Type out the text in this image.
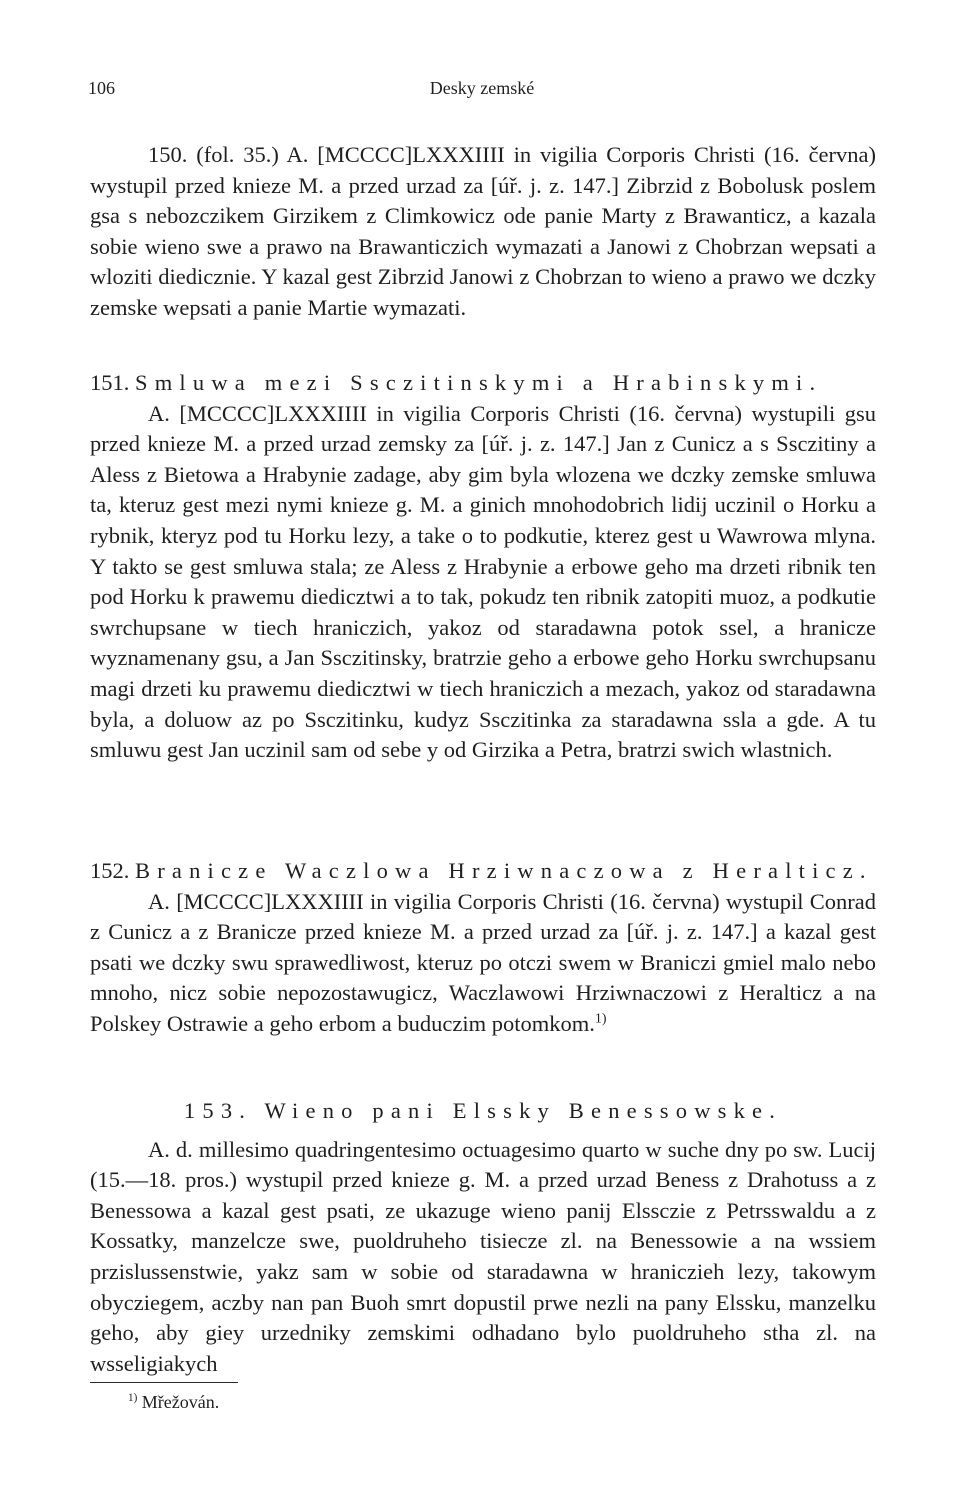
106	Desky zemské

150. (fol. 35.) A. [MCCCC]LXXXIIII in vigilia Corporis Christi (16. června) wystupil przed knieze M. a przed urzad za [úř. j. z. 147.] Zibrzid z Bobolusk poslem gsa s nebozczikem Girzikem z Climkowicz ode panie Marty z Brawanticz, a kazala sobie wieno swe a prawo na Brawanticzich wymazati a Janowi z Chobrzan wepsati a wloziti diedicznie. Y kazal gest Zibrzid Janowi z Chobrzan to wieno a prawo we dczky zemske wepsati a panie Martie wymazati.

151. Smluwa mezi Ssczitinskymi a Hrabinskymi.

A. [MCCCC]LXXXIIII in vigilia Corporis Christi (16. června) wystupili gsu przed knieze M. a przed urzad zemsky za [úř. j. z. 147.] Jan z Cunicz a s Ssczitiny a Aless z Bietowa a Hrabynie zadage, aby gim byla wlozena we dczky zemske smluwa ta, kteruz gest mezi nymi knieze g. M. a ginich mnohodobrich lidij uczinil o Horku a rybnik, kteryz pod tu Horku lezy, a take o to podkutie, kterez gest u Wawrowa mlyna. Y takto se gest smluwa stala; ze Aless z Hrabynie a erbowe geho ma drzeti ribnik ten pod Horku k prawemu diedicztwi a to tak, pokudz ten ribnik zatopiti muoz, a podkutie swrchupsane w tiech hraniczich, yakoz od staradawna potok ssel, a hranicze wyznamenany gsu, a Jan Ssczitinsky, bratrzie geho a erbowe geho Horku swrchupsanu magi drzeti ku prawemu diedicztwi w tiech hraniczich a mezach, yakoz od staradawna byla, a doluow az po Ssczitinku, kudyz Ssczitinka za staradawna ssla a gde. A tu smluwu gest Jan uczinil sam od sebe y od Girzika a Petra, bratrzi swich wlastnich.

152. Branicze Waczlowa Hrziwnaczowa z Heralticz.

A. [MCCCC]LXXXIIII in vigilia Corporis Christi (16. června) wystupil Conrad z Cunicz a z Branicze przed knieze M. a przed urzad za [úř. j. z. 147.] a kazal gest psati we dczky swu sprawedliwost, kteruz po otczi swem w Braniczi gmiel malo nebo mnoho, nicz sobie nepozostawugicz, Waczlawowi Hrziwnaczowi z Heralticz a na Polskey Ostrawie a geho erbom a buduczim potomkom.$^{1)}$

153. Wieno pani Elssky Benessowske.

A. d. millesimo quadringentesimo octuagesimo quarto w suche dny po sw. Lucij (15.—18. pros.) wystupil przed knieze g. M. a przed urzad Beness z Drahotuss a z Benessowa a kazal gest psati, ze ukazuge wieno panij Elssczie z Petrsswaldu a z Kossatky, manzelcze swe, puoldruheho tisiecze zl. na Benessowie a na wssiem przislussenstwie, yakz sam w sobie od staradawna w hraniczieh lezy, takowym obycziegem, aczby nan pan Buoh smrt dopustil prwe nezli na pany Elssku, manzelku geho, aby giey urzedniky zemskimi odhadano bylo puoldruheho stha zl. na wsseligiakych

$^{1)}$ Mřežován.
